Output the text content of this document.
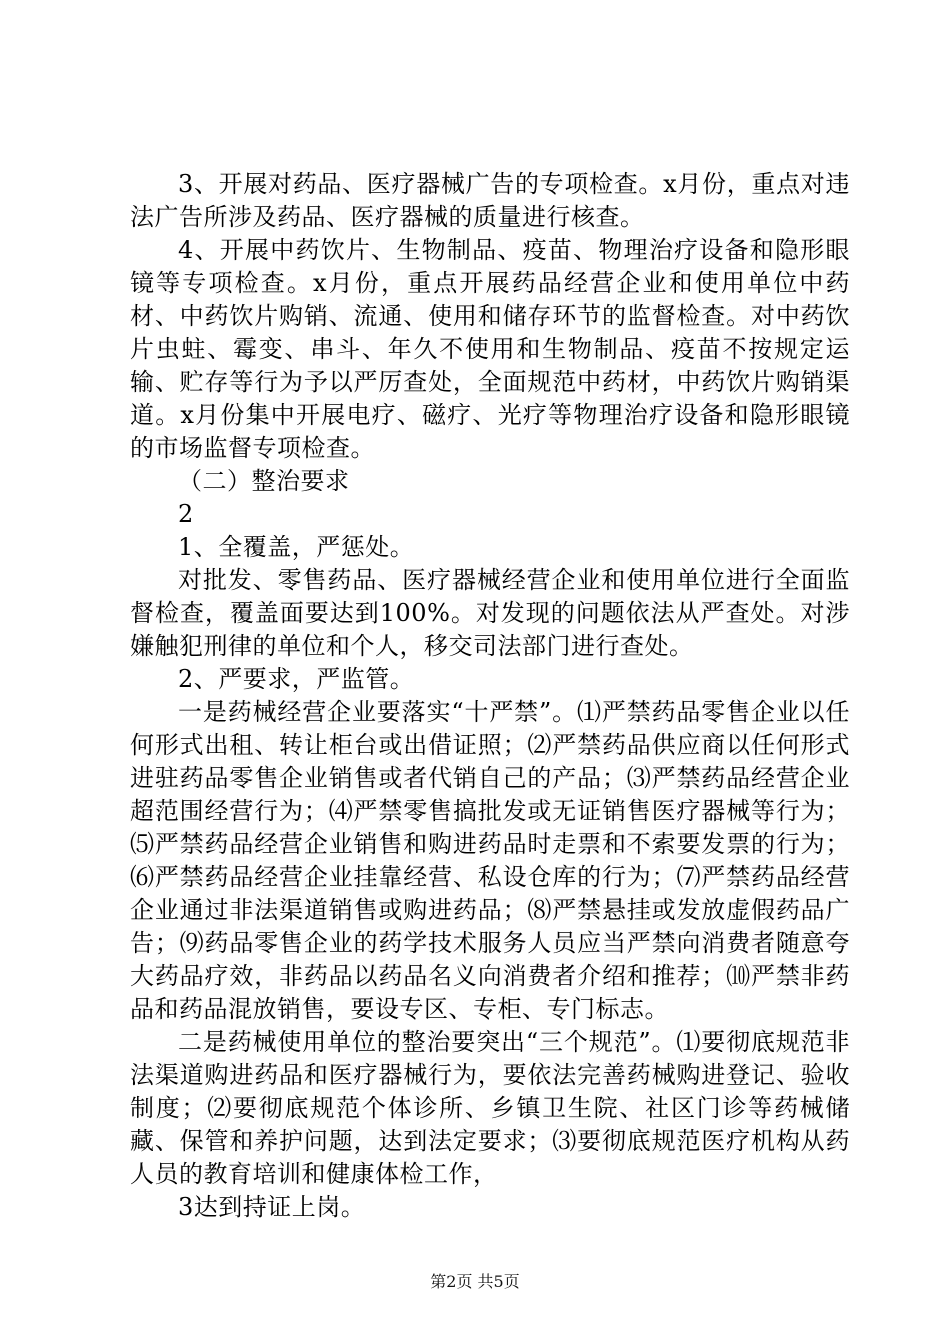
3、开展对药品、医疗器械广告的专项检查。x月份，重点对违法广告所涉及药品、医疗器械的质量进行核查。

4、开展中药饮片、生物制品、疫苗、物理治疗设备和隐形眼镜等专项检查。x月份，重点开展药品经营企业和使用单位中药材、中药饮片购销、流通、使用和储存环节的监督检查。对中药饮片虫蛀、霉变、串斗、年久不使用和生物制品、疫苗不按规定运输、贮存等行为予以严厉查处，全面规范中药材，中药饮片购销渠道。x月份集中开展电疗、磁疗、光疗等物理治疗设备和隐形眼镜的市场监督专项检查。

（二）整治要求

2

1、全覆盖，严惩处。

对批发、零售药品、医疗器械经营企业和使用单位进行全面监督检查，覆盖面要达到100%。对发现的问题依法从严查处。对涉嫌触犯刑律的单位和个人，移交司法部门进行查处。

2、严要求，严监管。

一是药械经营企业要落实“十严禁”。⑴严禁药品零售企业以任何形式出租、转让柜台或出借证照；⑵严禁药品供应商以任何形式进驻药品零售企业销售或者代销自己的产品；⑶严禁药品经营企业超范围经营行为；⑷严禁零售搞批发或无证销售医疗器械等行为；⑸严禁药品经营企业销售和购进药品时走票和不索要发票的行为；⑹严禁药品经营企业挂靠经营、私设仓库的行为；⑺严禁药品经营企业通过非法渠道销售或购进药品；⑻严禁悬挂或发放虚假药品广告；⑼药品零售企业的药学技术服务人员应当严禁向消费者随意夸大药品疗效，非药品以药品名义向消费者介绍和推荐；⑽严禁非药品和药品混放销售，要设专区、专柜、专门标志。

二是药械使用单位的整治要突出“三个规范”。⑴要彻底规范非法渠道购进药品和医疗器械行为，要依法完善药械购进登记、验收制度；⑵要彻底规范个体诊所、乡镇卫生院、社区门诊等药械储藏、保管和养护问题，达到法定要求；⑶要彻底规范医疗机构从药人员的教育培训和健康体检工作，

3达到持证上岗。

第2页 共5页
